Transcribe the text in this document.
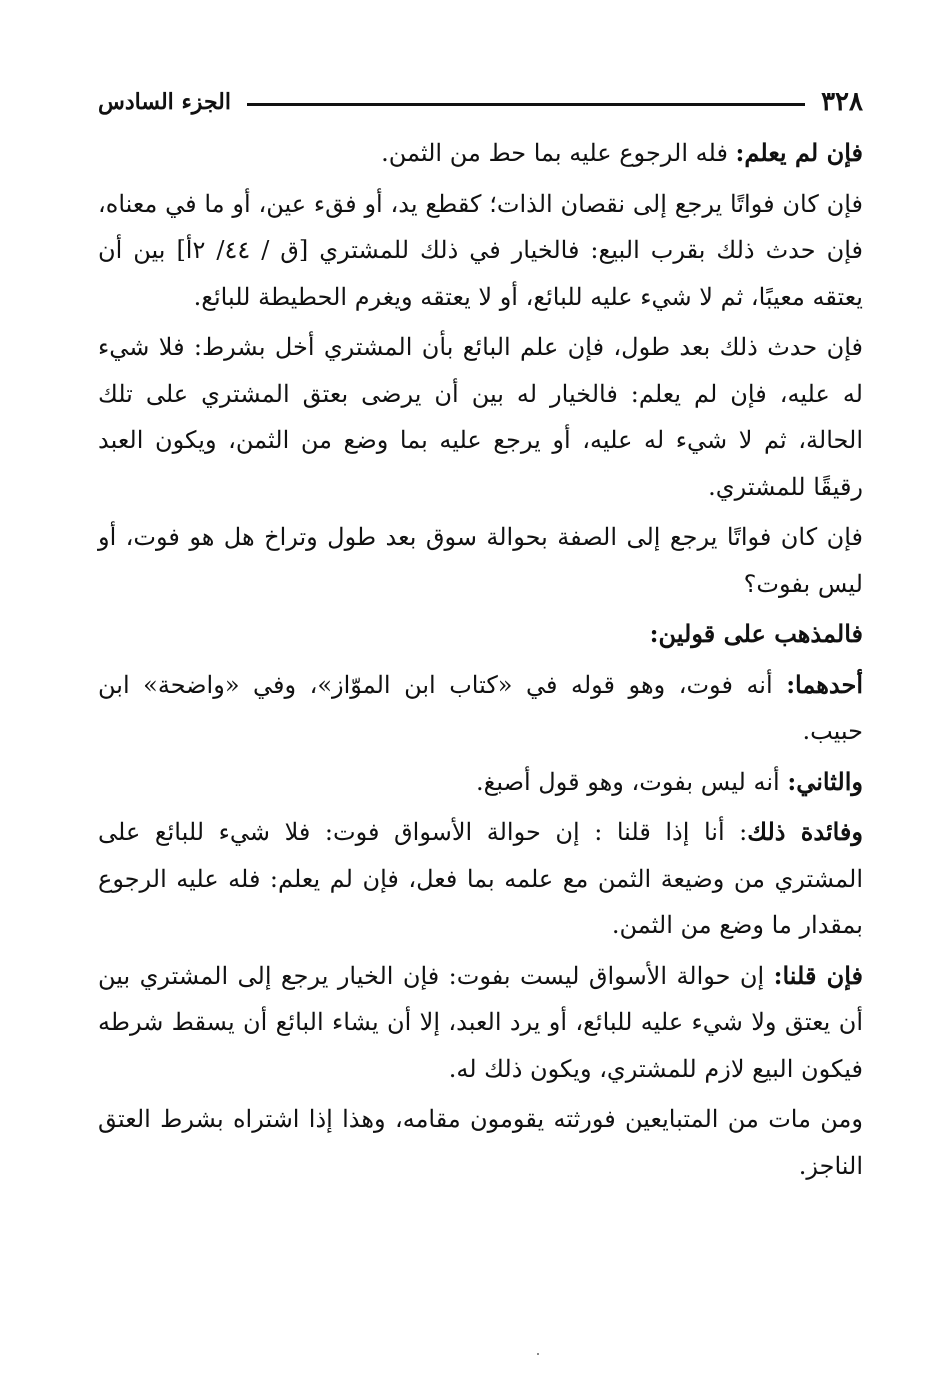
٣٢٨
الجزء السادس

فإن لم يعلم: فله الرجوع عليه بما حط من الثمن.

فإن كان فواتًا يرجع إلى نقصان الذات؛ كقطع يد، أو فقء عين، أو ما في معناه، فإن حدث ذلك بقرب البيع: فالخيار في ذلك للمشتري [ق / ٤٤/ ٢أ] بين أن يعتقه معيبًا، ثم لا شيء عليه للبائع، أو لا يعتقه ويغرم الحطيطة للبائع.

فإن حدث ذلك بعد طول، فإن علم البائع بأن المشتري أخل بشرط: فلا شيء له عليه، فإن لم يعلم: فالخيار له بين أن يرضى بعتق المشتري على تلك الحالة، ثم لا شيء له عليه، أو يرجع عليه بما وضع من الثمن، ويكون العبد رقيقًا للمشتري.

فإن كان فواتًا يرجع إلى الصفة بحوالة سوق بعد طول وتراخ هل هو فوت، أو ليس بفوت؟

فالمذهب على قولين:

أحدهما: أنه فوت، وهو قوله في «كتاب ابن الموّاز»، وفي «واضحة» ابن حبيب.

والثاني: أنه ليس بفوت، وهو قول أصبغ.

وفائدة ذلك: أنا إذا قلنا : إن حوالة الأسواق فوت: فلا شيء للبائع على المشتري من وضيعة الثمن مع علمه بما فعل، فإن لم يعلم: فله عليه الرجوع بمقدار ما وضع من الثمن.

فإن قلنا: إن حوالة الأسواق ليست بفوت: فإن الخيار يرجع إلى المشتري بين أن يعتق ولا شيء عليه للبائع، أو يرد العبد، إلا أن يشاء البائع أن يسقط شرطه فيكون البيع لازم للمشتري، ويكون ذلك له.

ومن مات من المتبايعين فورثته يقومون مقامه، وهذا إذا اشتراه بشرط العتق الناجز.
